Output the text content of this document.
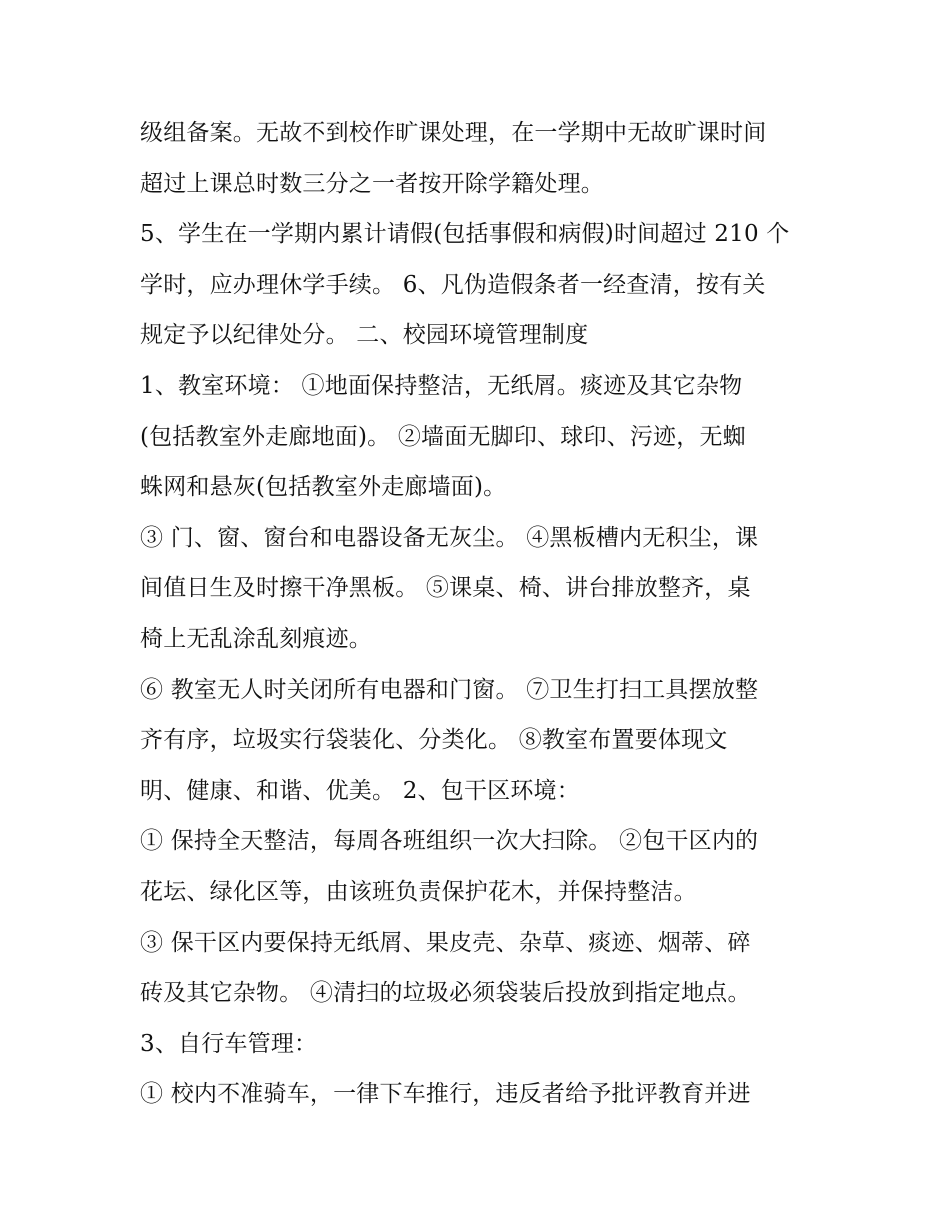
级组备案。无故不到校作旷课处理，在一学期中无故旷课时间
超过上课总时数三分之一者按开除学籍处理。
5、学生在一学期内累计请假(包括事假和病假)时间超过 210 个
学时，应办理休学手续。 6、凡伪造假条者一经查清，按有关
规定予以纪律处分。 二、校园环境管理制度
1、教室环境： ①地面保持整洁，无纸屑。痰迹及其它杂物
(包括教室外走廊地面)。 ②墙面无脚印、球印、污迹，无蜘
蛛网和悬灰(包括教室外走廊墙面)。
③ 门、窗、窗台和电器设备无灰尘。 ④黑板槽内无积尘，课
间值日生及时擦干净黑板。 ⑤课桌、椅、讲台排放整齐，桌
椅上无乱涂乱刻痕迹。
⑥ 教室无人时关闭所有电器和门窗。 ⑦卫生打扫工具摆放整
齐有序，垃圾实行袋装化、分类化。 ⑧教室布置要体现文
明、健康、和谐、优美。 2、包干区环境：
① 保持全天整洁，每周各班组织一次大扫除。 ②包干区内的
花坛、绿化区等，由该班负责保护花木，并保持整洁。
③ 保干区内要保持无纸屑、果皮壳、杂草、痰迹、烟蒂、碎
砖及其它杂物。 ④清扫的垃圾必须袋装后投放到指定地点。
3、自行车管理：
① 校内不准骑车，一律下车推行，违反者给予批评教育并进
